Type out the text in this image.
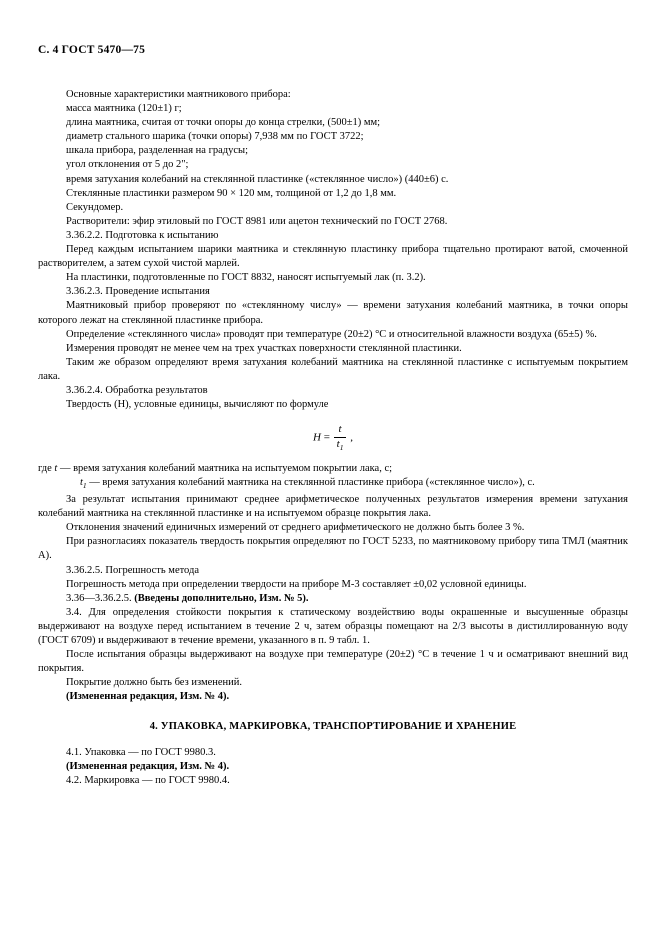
С. 4 ГОСТ 5470—75

Основные характеристики маятникового прибора:

масса маятника (120±1) г;

длина маятника, считая от точки опоры до конца стрелки, (500±1) мм;

диаметр стального шарика (точки опоры) 7,938 мм по ГОСТ 3722;

шкала прибора, разделенная на градусы;

угол отклонения от 5 до 2";

время затухания колебаний на стеклянной пластинке («стеклянное число») (440±6) с.

Стеклянные пластинки размером 90 × 120 мм, толщиной от 1,2 до 1,8 мм.

Секундомер.

Растворители: эфир этиловый по ГОСТ 8981 или ацетон технический по ГОСТ 2768.

3.36.2.2. Подготовка к испытанию

Перед каждым испытанием шарики маятника и стеклянную пластинку прибора тщательно протирают ватой, смоченной растворителем, а затем сухой чистой марлей.

На пластинки, подготовленные по ГОСТ 8832, наносят испытуемый лак (п. 3.2).

3.36.2.3. Проведение испытания

Маятниковый прибор проверяют по «стеклянному числу» — времени затухания колебаний маятника, в точки опоры которого лежат на стеклянной пластинке прибора.

Определение «стеклянного числа» проводят при температуре (20±2) °С и относительной влажности воздуха (65±5) %.

Измерения проводят не менее чем на трех участках поверхности стеклянной пластинки.

Таким же образом определяют время затухания колебаний маятника на стеклянной пластинке с испытуемым покрытием лака.

3.36.2.4. Обработка результатов

Твердость (H), условные единицы, вычисляют по формуле

$H = \frac{t}{t_1}$ ,

где t — время затухания колебаний маятника на испытуемом покрытии лака, с;

$t_1$ — время затухания колебаний маятника на стеклянной пластинке прибора («стеклянное число»), с.

За результат испытания принимают среднее арифметическое полученных результатов измерения времени затухания колебаний маятника на стеклянной пластинке и на испытуемом образце покрытия лака.

Отклонения значений единичных измерений от среднего арифметического не должно быть более 3 %.

При разногласиях показатель твердость покрытия определяют по ГОСТ 5233, по маятниковому прибору типа ТМЛ (маятник А).

3.36.2.5. Погрешность метода

Погрешность метода при определении твердости на приборе М-3 составляет ±0,02 условной единицы.

3.36—3.36.2.5. (Введены дополнительно, Изм. № 5).

3.4. Для определения стойкости покрытия к статическому воздействию воды окрашенные и высушенные образцы выдерживают на воздухе перед испытанием в течение 2 ч, затем образцы помещают на 2/3 высоты в дистиллированную воду (ГОСТ 6709) и выдерживают в течение времени, указанного в п. 9 табл. 1.

После испытания образцы выдерживают на воздухе при температуре (20±2) °С в течение 1 ч и осматривают внешний вид покрытия.

Покрытие должно быть без изменений.

(Измененная редакция, Изм. № 4).

4. УПАКОВКА, МАРКИРОВКА, ТРАНСПОРТИРОВАНИЕ И ХРАНЕНИЕ

4.1. Упаковка — по ГОСТ 9980.3.

(Измененная редакция, Изм. № 4).

4.2. Маркировка — по ГОСТ 9980.4.
